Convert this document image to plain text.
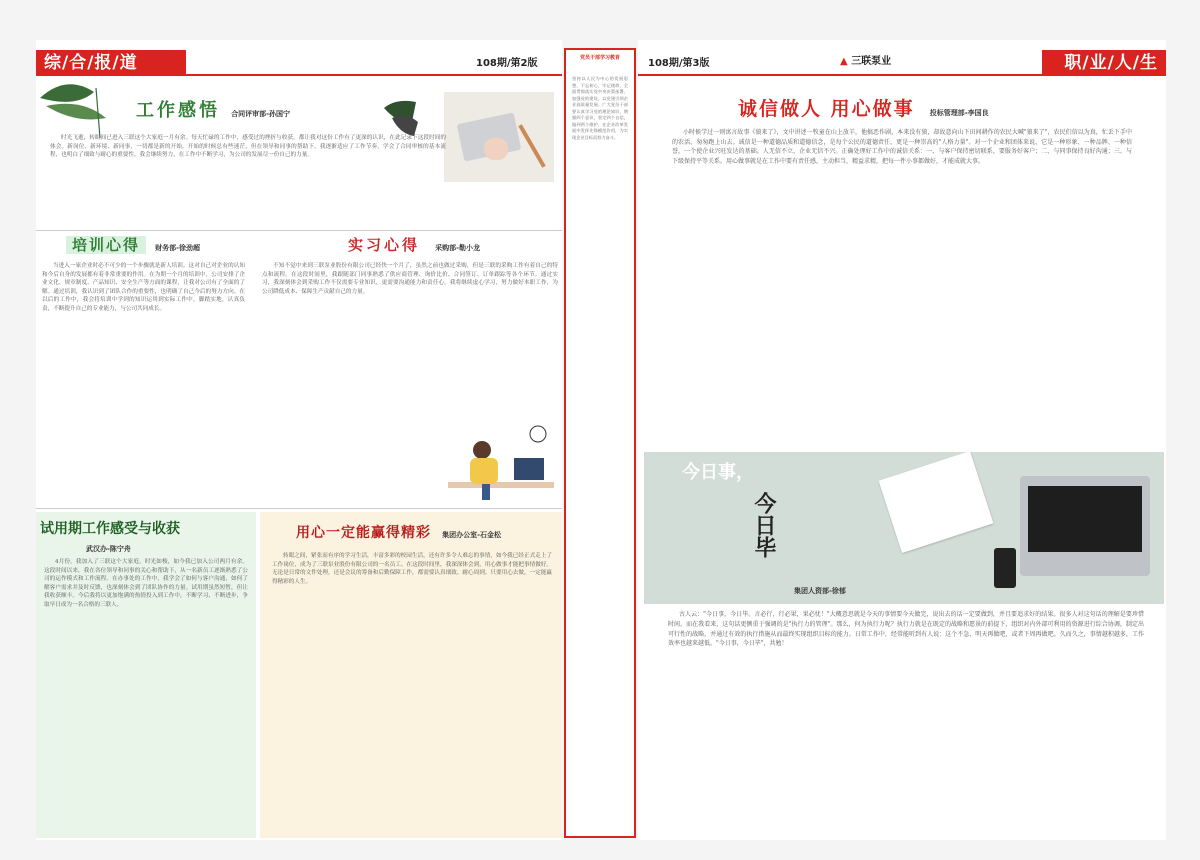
综/合/报/道	108期/第2版
工作感悟 合同评审部-孙国宁

时光飞逝，转眼间已进入三联这个大家庭一月有余。每天忙碌的工作中，感受过的挫折与收获，都让我对这份工作有了更深的认识，在此记录下这段时间的体会。新岗位、新环境、新同事，一切都是新的开始。开始的时候总有些迷茫，但在领导和同事的帮助下，我逐渐适应了工作节奏，学会了合同审核的基本流程，也明白了细致与耐心的重要性。我会继续努力，在工作中不断学习，为公司的发展尽一份自己的力量。

培训心得 财务部-徐劲超

当进入一家企业时必不可少的一个步骤就是新人培训。这对自己对企业的认知和今后自身的发展都有着非常重要的作用。在为期一个月的培训中，公司安排了企业文化、规章制度、产品知识、安全生产等方面的课程，让我对公司有了全面的了解。通过培训，我认识到了团队合作的重要性，也明确了自己今后的努力方向。在以后的工作中，我会将培训中学到的知识运用到实际工作中，脚踏实地，认真负责，不断提升自己的专业能力，与公司共同成长。

实习心得 采购部-勒小龙

不知不觉中来到三联泵业股份有限公司已经快一个月了，虽然之前也做过采购，但是三联的采购工作有着自己的特点和流程。在这段时间里，我跟随部门同事熟悉了供应商管理、询价比价、合同签订、订单跟踪等各个环节。通过实习，我深刻体会到采购工作不仅需要专业知识，更需要沟通能力和责任心。我将继续虚心学习，努力做好本职工作，为公司降低成本、保障生产贡献自己的力量。

试用期工作感受与收获
武汉办-陈宁舟

4月份，我加入了三联这个大家庭。时光如梭，如今我已加入公司两月有余。这段时间以来，我在各位领导和同事的关心和帮助下，从一名新员工逐渐熟悉了公司的运作模式和工作流程。在办事处的工作中，我学会了如何与客户沟通，如何了解客户需求并及时反馈，也深刻体会到了团队协作的力量。试用期虽然短暂，但让我收获颇丰。今后我将以更加饱满的热情投入到工作中，不断学习、不断进步，争取早日成为一名合格的三联人。

用心一定能赢得精彩 集团办公室-石金松

转眼之间，紧张而有序的学习生活，丰富多彩的校园生活，还有许多令人难忘的事情，如今我已经正式走上了工作岗位，成为了三联泵业股份有限公司的一名员工。在这段时间里，我深深体会到，用心做事才能把事情做好。无论是日常的文件处理，还是会议的筹备和后勤保障工作，都需要认真细致、耐心周到。只要用心去做，一定能赢得精彩的人生。

党员干部学习教育

坚持以人民为中心的发展思想，不忘初心、牢记使命，全面贯彻落实党中央决策部署，加强党的建设，以党建引领企业高质量发展。广大党员干部要认真学习党的理论知识，增强四个意识，坚定四个自信，做到两个维护，在企业改革发展中发挥先锋模范作用，为实现企业目标而努力奋斗。

108期/第3版	▲ 三联泵业	职/业/人/生
诚信做人 用心做事 投标管理部-李国良

小时候学过一则寓言故事《狼来了》，文中讲述一牧童在山上放羊，他搞恶作剧，本来没有狼，却故意向山下田间耕作的农民大喊"狼来了"，农民们信以为真，忙丢下手中的农活，匆匆跑上山去。诚信是一种道德品质和道德信念，是每个公民的道德责任，更是一种崇高的"人格力量"。对一个企业和团体来说，它是一种形象、一种品牌、一种信誉，一个使企业兴旺发达的基础。人无信不立，企业无信不兴。正确处理好工作中的诚信关系：一、与客户保持密切联系，要服务好客户；二、与同事保持良好沟通；三、与下级保持平等关系。用心做事就是在工作中要有责任感，主动担当，精益求精，把每一件小事都做好，才能成就大事。

今日事，
今日毕
集团人资部-徐郁

古人云："今日事，今日毕。言必行，行必果，果必忧！"大概意思就是今天的事情要今天做完，说出去的话一定要做到，并且要追求好的结果。很多人对这句话的理解是要珍惜时间，而在我看来，这句话更侧重于强调的是"执行力的管理"。那么，何为执行力呢？执行力就是在既定的战略和愿景的前提下，组织对内外部可利用的资源进行综合协调，制定出可行性的战略，并通过有效的执行措施从而最终实现组织目标的能力。日常工作中，经常能听到有人说：这个不急，明天再做吧，或者下周再做吧。久而久之，事情越积越多，工作效率也越来越低。"今日事，今日毕"，共勉！
